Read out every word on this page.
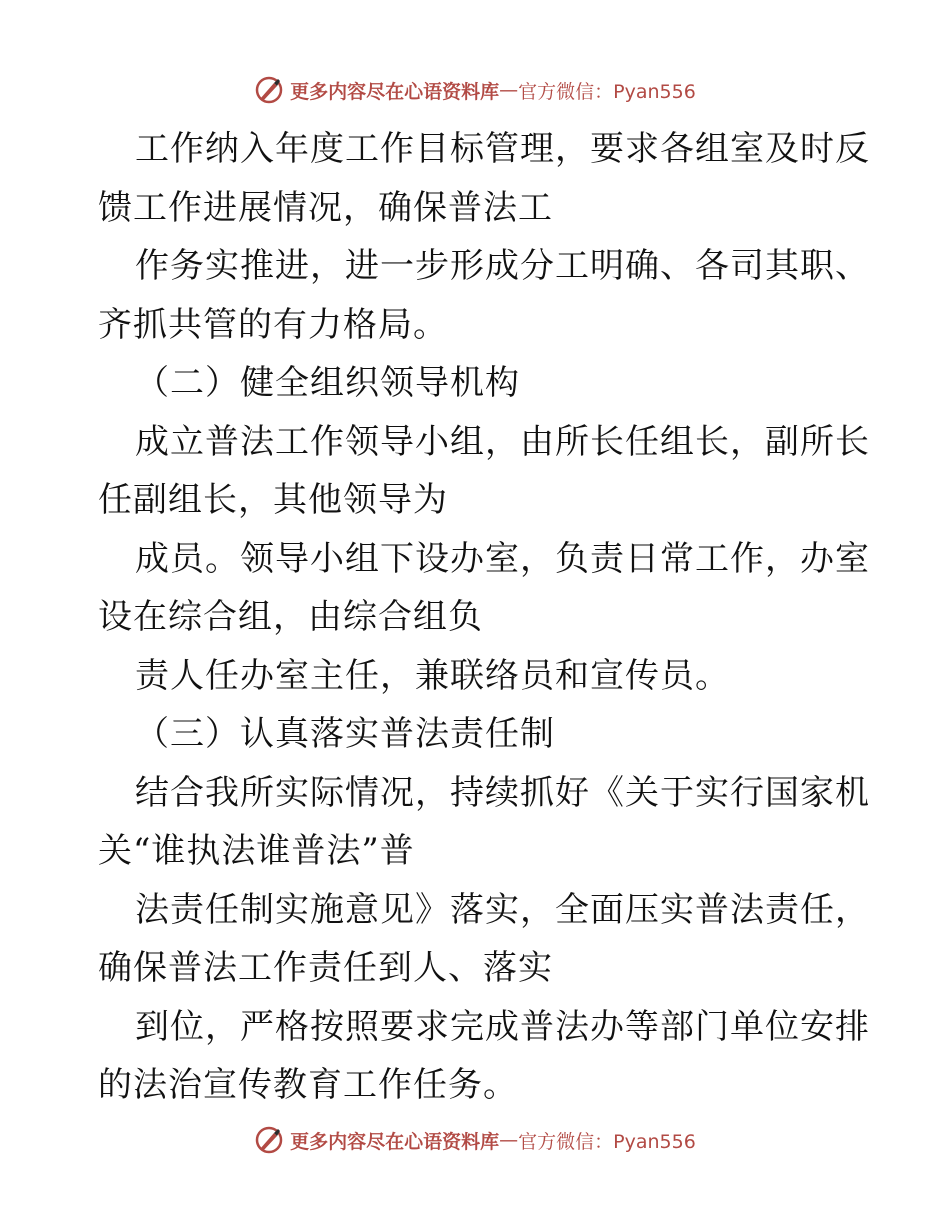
更多内容尽在心语资料库 — 官方微信：Pyan556
工作纳入年度工作目标管理，要求各组室及时反
馈工作进展情况，确保普法工
作务实推进，进一步形成分工明确、各司其职、
齐抓共管的有力格局。
（二）健全组织领导机构
成立普法工作领导小组，由所长任组长，副所长
任副组长，其他领导为
成员。领导小组下设办室，负责日常工作，办室
设在综合组，由综合组负
责人任办室主任，兼联络员和宣传员。
（三）认真落实普法责任制
结合我所实际情况，持续抓好《关于实行国家机
关“谁执法谁普法”普
法责任制实施意见》落实，全面压实普法责任，
确保普法工作责任到人、落实
到位，严格按照要求完成普法办等部门单位安排
的法治宣传教育工作任务。
更多内容尽在心语资料库 — 官方微信：Pyan556
